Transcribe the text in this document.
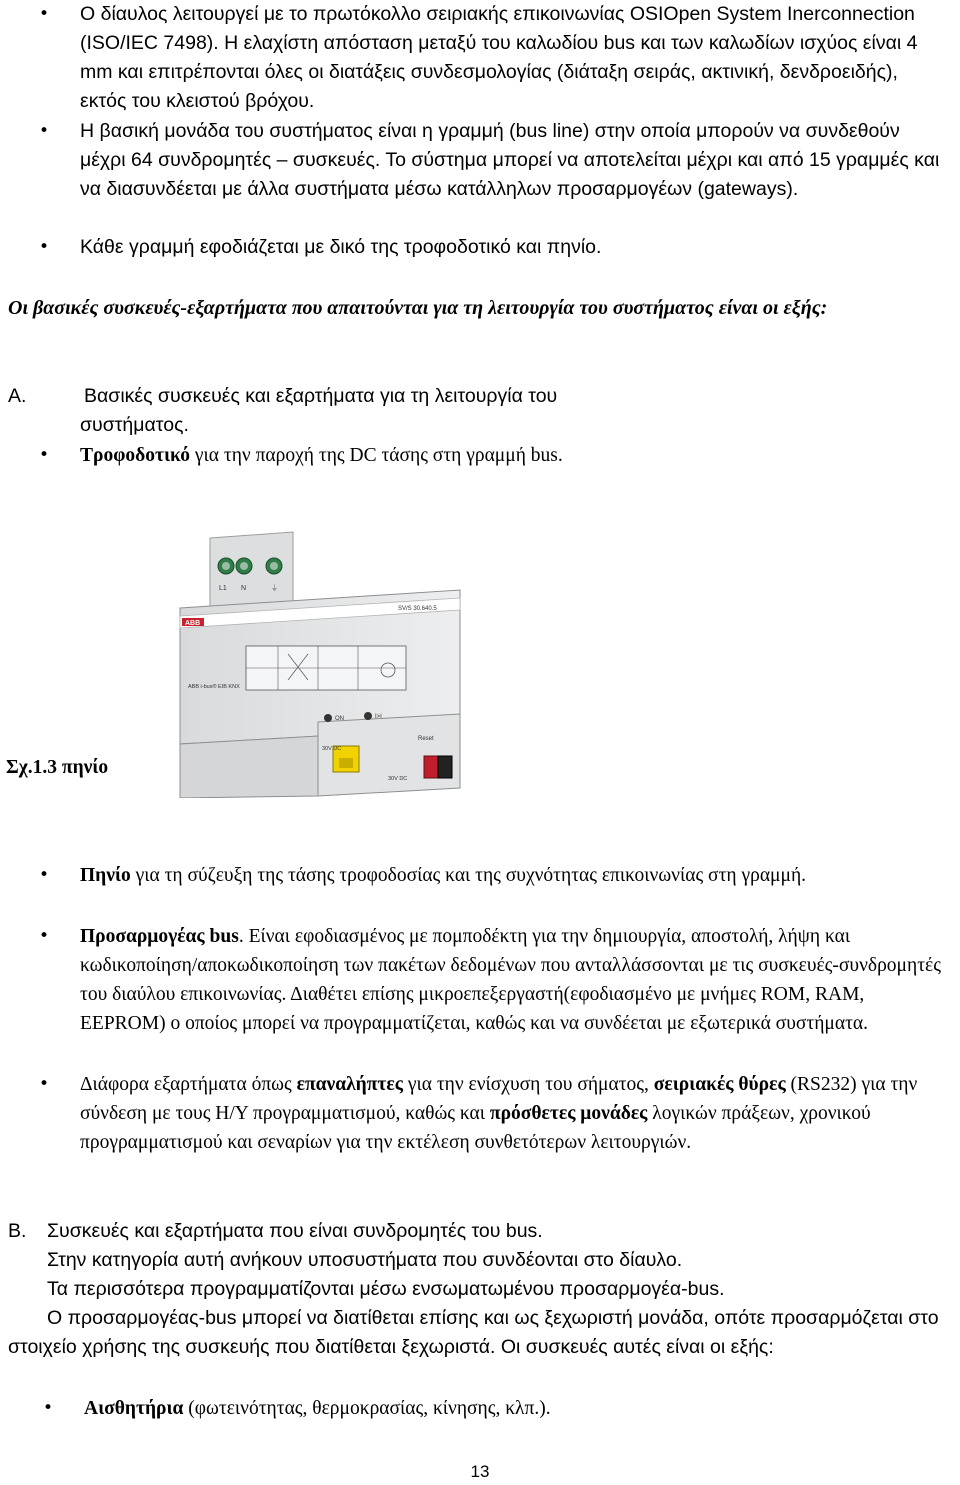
• Ο δίαυλος λειτουργεί με το πρωτόκολλο σειριακής επικοινωνίας OSIOpen System Inerconnection (ISO/IEC 7498). Η ελαχίστη απόσταση μεταξύ του καλωδίου bus και των καλωδίων ισχύος είναι 4 mm και επιτρέπονται όλες οι διατάξεις συνδεσμολογίας (διάταξη σειράς, ακτινική, δενδροειδής), εκτός του κλειστού βρόχου.

• Η βασική μονάδα του συστήματος είναι η γραμμή (bus line) στην οποία μπορούν να συνδεθούν μέχρι 64 συνδρομητές – συσκευές. Το σύστημα μπορεί να αποτελείται μέχρι και από 15 γραμμές και να διασυνδέεται με άλλα συστήματα μέσω κατάλληλων προσαρμογέων (gateways).

• Κάθε γραμμή εφοδιάζεται με δικό της τροφοδοτικό και πηνίο.

Οι βασικές συσκευές-εξαρτήματα που απαιτούνται για τη λειτουργία του συστήματος είναι οι εξής:

Α.	Βασικές συσκευές και εξαρτήματα για τη λειτουργία του
συστήματος.

• Τροφοδοτικό για την παροχή της DC τάσης στη γραμμή bus.

ABB
SV/S 30.640.5
L1 N	⏚
ABB i-bus® EIB KNX
ON	I>I
30V DC
Reset
30V DC
Σχ.1.3 πηνίο

• Πηνίο για τη σύζευξη της τάσης τροφοδοσίας και της συχνότητας επικοινωνίας στη γραμμή.

• Προσαρμογέας bus. Είναι εφοδιασμένος με πομποδέκτη για την δημιουργία, αποστολή, λήψη και κωδικοποίηση/αποκωδικοποίηση των πακέτων δεδομένων που ανταλλάσσονται με τις συσκευές-συνδρομητές του διαύλου επικοινωνίας. Διαθέτει επίσης μικροεπεξεργαστή(εφοδιασμένο με μνήμες ROM, RAM, EEPROM) ο οποίος μπορεί να προγραμματίζεται, καθώς και να συνδέεται με εξωτερικά συστήματα.

• Διάφορα εξαρτήματα όπως επαναλήπτες για την ενίσχυση του σήματος, σειριακές θύρες (RS232) για την σύνδεση με τους Η/Υ προγραμματισμού, καθώς και πρόσθετες μονάδες λογικών πράξεων, χρονικού προγραμματισμού και σεναρίων για την εκτέλεση συνθετότερων λειτουργιών.

Β. Συσκευές και εξαρτήματα που είναι συνδρομητές του bus.
Στην κατηγορία αυτή ανήκουν υποσυστήματα που συνδέονται στο δίαυλο.
Τα περισσότερα προγραμματίζονται μέσω ενσωματωμένου προσαρμογέα-bus.
Ο προσαρμογέας-bus μπορεί να διατίθεται επίσης και ως ξεχωριστή μονάδα, οπότε προσαρμόζεται στο στοιχείο χρήσης της συσκευής που διατίθεται ξεχωριστά. Οι συσκευές αυτές είναι οι εξής:

• Αισθητήρια (φωτεινότητας, θερμοκρασίας, κίνησης, κλπ.).

13
